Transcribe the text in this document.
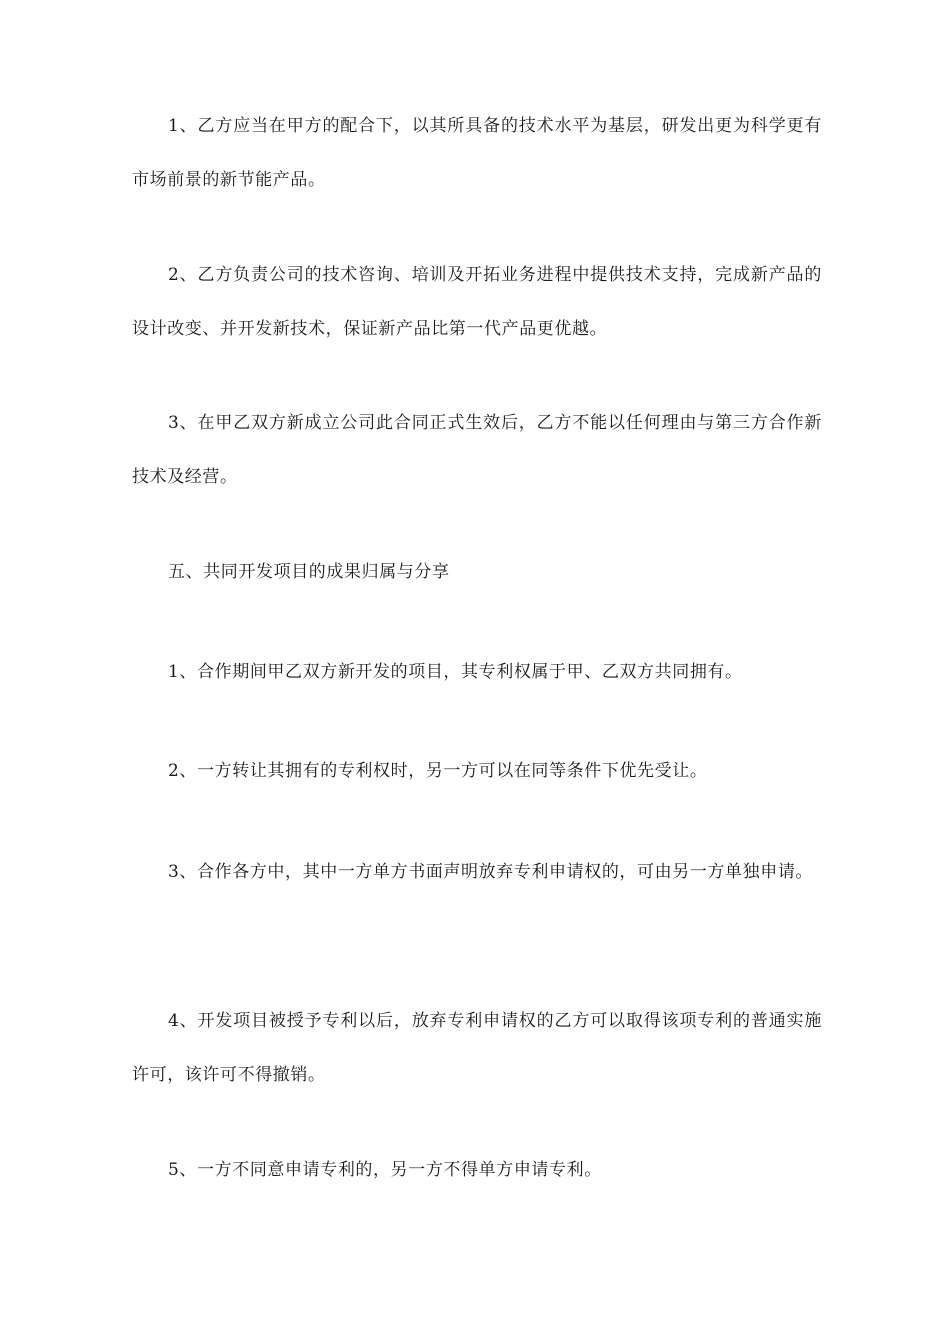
1、乙方应当在甲方的配合下，以其所具备的技术水平为基层，研发出更为科学更有市场前景的新节能产品。

2、乙方负责公司的技术咨询、培训及开拓业务进程中提供技术支持，完成新产品的设计改变、并开发新技术，保证新产品比第一代产品更优越。

3、在甲乙双方新成立公司此合同正式生效后，乙方不能以任何理由与第三方合作新技术及经营。

五、共同开发项目的成果归属与分享

1、合作期间甲乙双方新开发的项目，其专利权属于甲、乙双方共同拥有。

2、一方转让其拥有的专利权时，另一方可以在同等条件下优先受让。

3、合作各方中，其中一方单方书面声明放弃专利申请权的，可由另一方单独申请。

4、开发项目被授予专利以后，放弃专利申请权的乙方可以取得该项专利的普通实施许可，该许可不得撤销。

5、一方不同意申请专利的，另一方不得单方申请专利。
